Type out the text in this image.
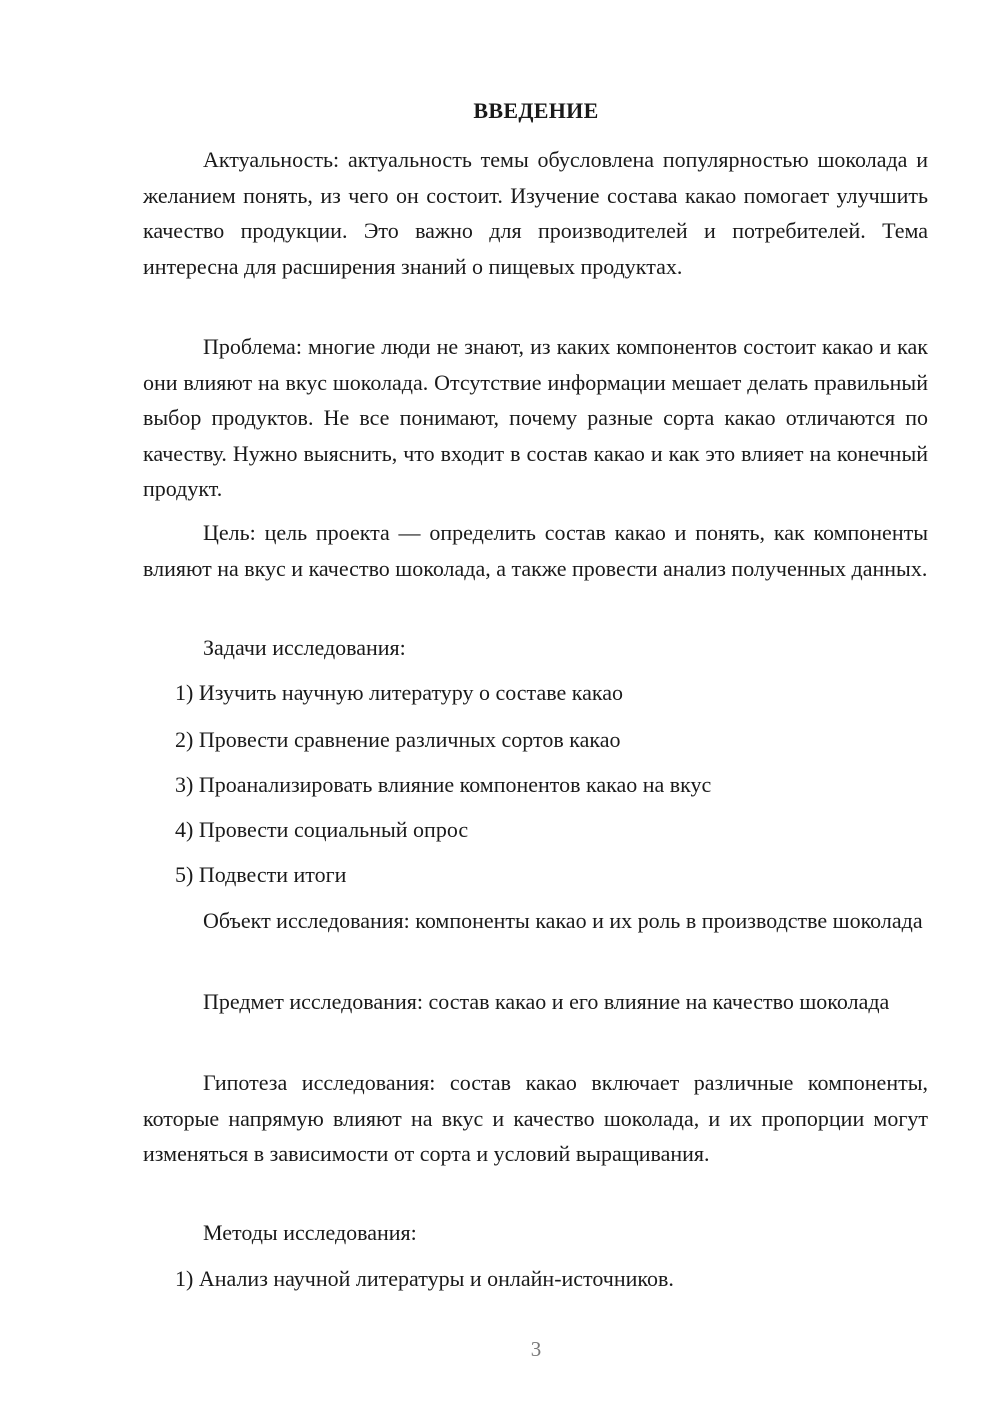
ВВЕДЕНИЕ

Актуальность: актуальность темы обусловлена популярностью шоколада и желанием понять, из чего он состоит. Изучение состава какао помогает улучшить качество продукции. Это важно для производителей и потребителей. Тема интересна для расширения знаний о пищевых продуктах.

Проблема: многие люди не знают, из каких компонентов состоит какао и как они влияют на вкус шоколада. Отсутствие информации мешает делать правильный выбор продуктов. Не все понимают, почему разные сорта какао отличаются по качеству. Нужно выяснить, что входит в состав какао и как это влияет на конечный продукт.

Цель: цель проекта — определить состав какао и понять, как компоненты влияют на вкус и качество шоколада, а также провести анализ полученных данных.

Задачи исследования:

1) Изучить научную литературу о составе какао

2) Провести сравнение различных сортов какао

3) Проанализировать влияние компонентов какао на вкус

4) Провести социальный опрос

5) Подвести итоги

Объект исследования: компоненты какао и их роль в производстве шоколада

Предмет исследования: состав какао и его влияние на качество шоколада

Гипотеза исследования: состав какао включает различные компоненты, которые напрямую влияют на вкус и качество шоколада, и их пропорции могут изменяться в зависимости от сорта и условий выращивания.

Методы исследования:

1) Анализ научной литературы и онлайн-источников.

3
